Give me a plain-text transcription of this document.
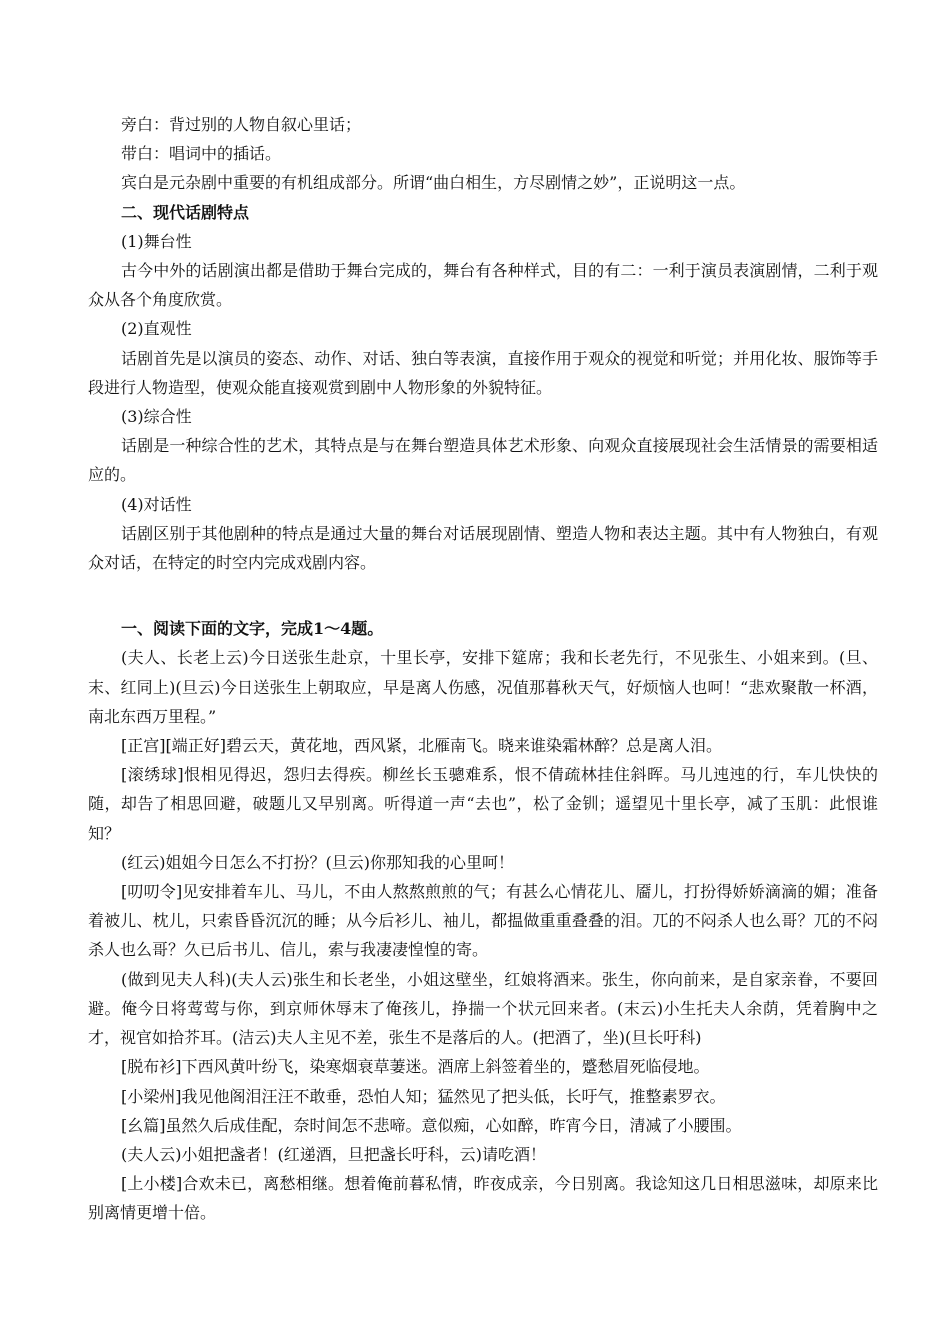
旁白：背过别的人物自叙心里话；

带白：唱词中的插话。

宾白是元杂剧中重要的有机组成部分。所谓“曲白相生，方尽剧情之妙”，正说明这一点。

二、现代话剧特点

(1)舞台性

古今中外的话剧演出都是借助于舞台完成的，舞台有各种样式，目的有二：一利于演员表演剧情，二利于观众从各个角度欣赏。

(2)直观性

话剧首先是以演员的姿态、动作、对话、独白等表演，直接作用于观众的视觉和听觉；并用化妆、服饰等手段进行人物造型，使观众能直接观赏到剧中人物形象的外貌特征。

(3)综合性

话剧是一种综合性的艺术，其特点是与在舞台塑造具体艺术形象、向观众直接展现社会生活情景的需要相适应的。

(4)对话性

话剧区别于其他剧种的特点是通过大量的舞台对话展现剧情、塑造人物和表达主题。其中有人物独白，有观众对话，在特定的时空内完成戏剧内容。

一、阅读下面的文字，完成1～4题。

(夫人、长老上云)今日送张生赴京，十里长亭，安排下筵席；我和长老先行，不见张生、小姐来到。(旦、末、红同上)(旦云)今日送张生上朝取应，早是离人伤感，况值那暮秋天气，好烦恼人也呵！“悲欢聚散一杯酒，南北东西万里程。”

[正宫][端正好]碧云天，黄花地，西风紧，北雁南飞。晓来谁染霜林醉？总是离人泪。

[滚绣球]恨相见得迟，怨归去得疾。柳丝长玉骢难系，恨不倩疏林挂住斜晖。马儿迍迍的行，车儿快快的随，却告了相思回避，破题儿又早别离。听得道一声“去也”，松了金钏；遥望见十里长亭，减了玉肌：此恨谁知？

(红云)姐姐今日怎么不打扮？(旦云)你那知我的心里呵！

[叨叨令]见安排着车儿、马儿，不由人熬熬煎煎的气；有甚么心情花儿、靥儿，打扮得娇娇滴滴的媚；准备着被儿、枕儿，只索昏昏沉沉的睡；从今后衫儿、袖儿，都揾做重重叠叠的泪。兀的不闷杀人也么哥？兀的不闷杀人也么哥？久已后书儿、信儿，索与我凄凄惶惶的寄。

(做到见夫人科)(夫人云)张生和长老坐，小姐这壁坐，红娘将酒来。张生，你向前来，是自家亲眷，不要回避。俺今日将莺莺与你，到京师休辱末了俺孩儿，挣揣一个状元回来者。(末云)小生托夫人余荫，凭着胸中之才，视官如拾芥耳。(洁云)夫人主见不差，张生不是落后的人。(把酒了，坐)(旦长吁科)

[脱布衫]下西风黄叶纷飞，染寒烟衰草萋迷。酒席上斜签着坐的，蹙愁眉死临侵地。

[小梁州]我见他阁泪汪汪不敢垂，恐怕人知；猛然见了把头低，长吁气，推整素罗衣。

[幺篇]虽然久后成佳配，奈时间怎不悲啼。意似痴，心如醉，昨宵今日，清减了小腰围。

(夫人云)小姐把盏者！(红递酒，旦把盏长吁科，云)请吃酒！

[上小楼]合欢未已，离愁相继。想着俺前暮私情，昨夜成亲，今日别离。我谂知这几日相思滋味，却原来比别离情更增十倍。
